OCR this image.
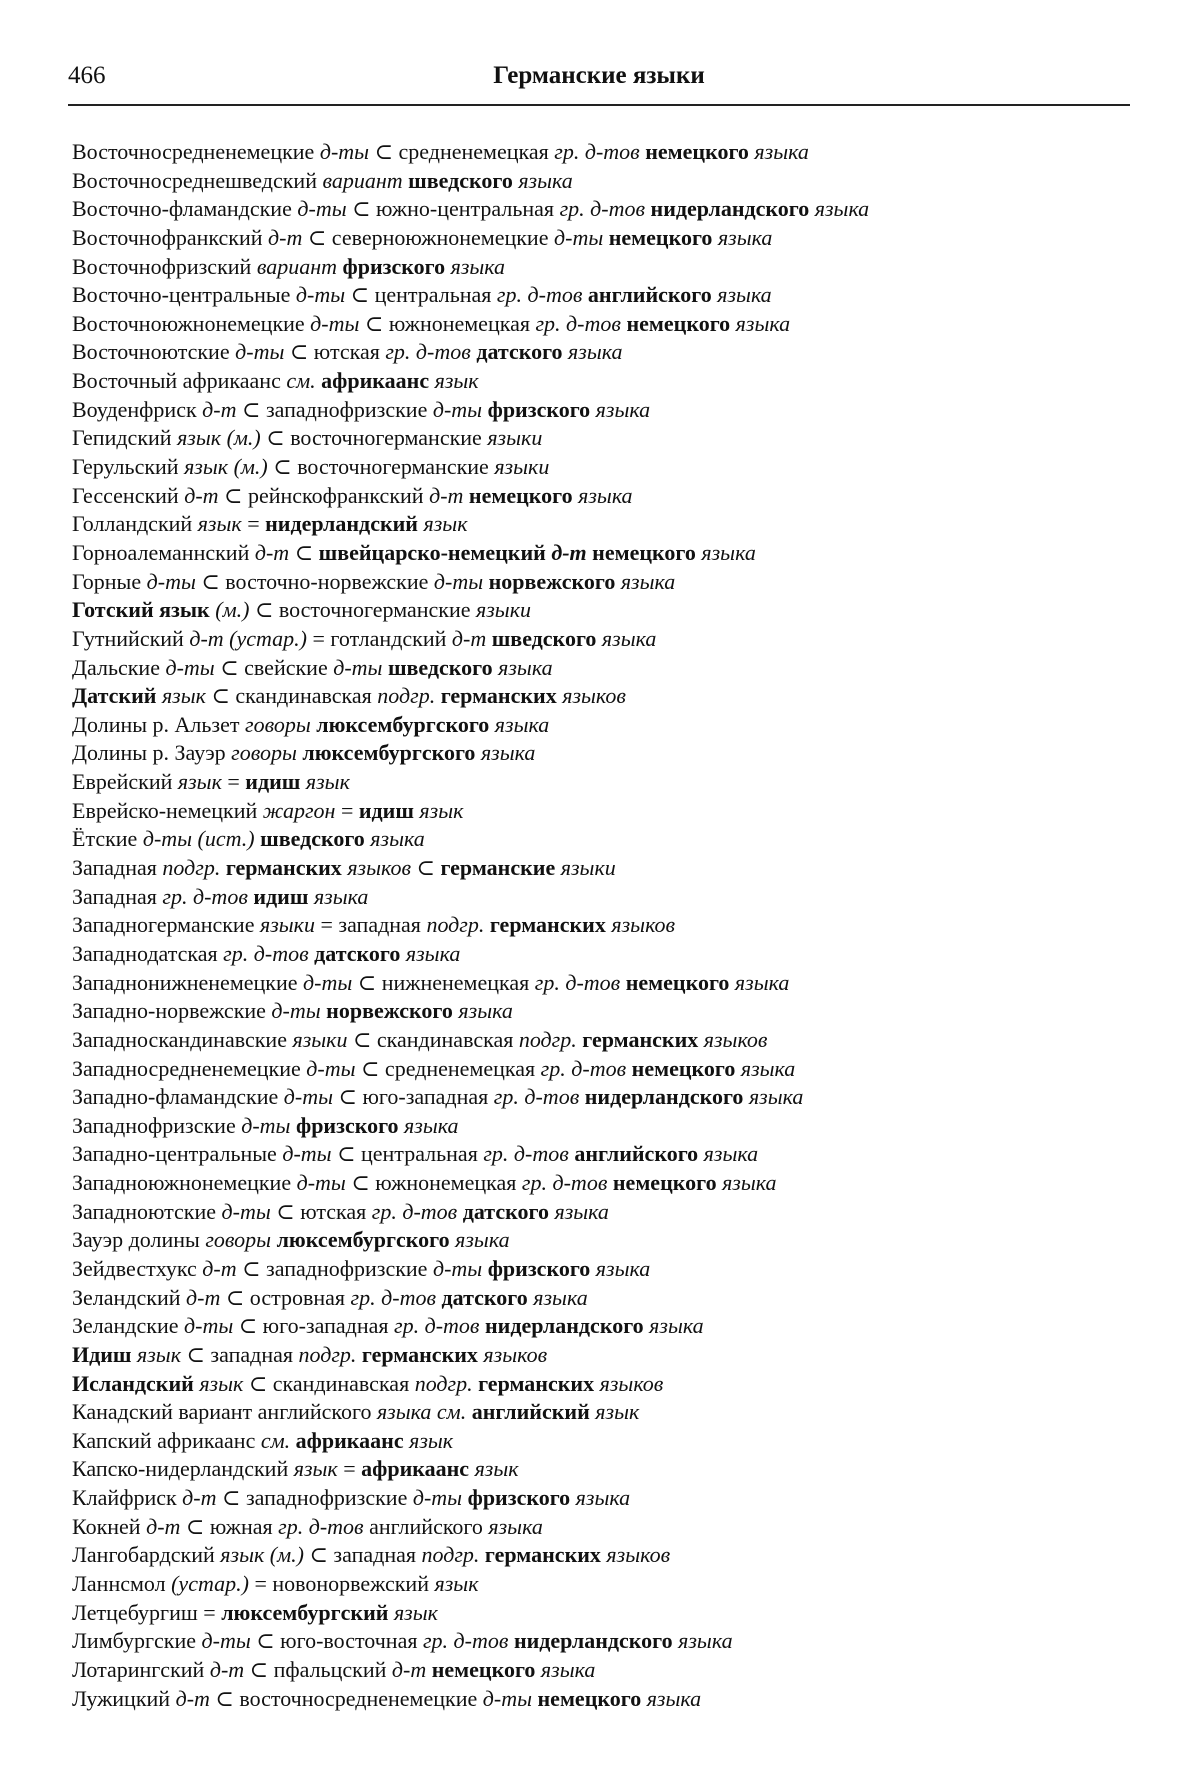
466	Германские языки
Восточносредненемецкие д-ты ⊂ средненемецкая гр. д-тов немецкого языка
Восточносреднешведский вариант шведского языка
Восточно-фламандские д-ты ⊂ южно-центральная гр. д-тов нидерландского языка
Восточнофранкский д-т ⊂ северноюжнонемецкие д-ты немецкого языка
Восточнофризский вариант фризского языка
Восточно-центральные д-ты ⊂ центральная гр. д-тов английского языка
Восточноюжнонемецкие д-ты ⊂ южнонемецкая гр. д-тов немецкого языка
Восточноютские д-ты ⊂ ютская гр. д-тов датского языка
Восточный африкаанс см. африкаанс язык
Воуденфриск д-т ⊂ западнофризские д-ты фризского языка
Гепидский язык (м.) ⊂ восточногерманские языки
Герульский язык (м.) ⊂ восточногерманские языки
Гессенский д-т ⊂ рейнскофранкский д-т немецкого языка
Голландский язык = нидерландский язык
Горноалеманнский д-т ⊂ швейцарско-немецкий д-т немецкого языка
Горные д-ты ⊂ восточно-норвежские д-ты норвежского языка
Готский язык (м.) ⊂ восточногерманские языки
Гутнийский д-т (устар.) = готландский д-т шведского языка
Дальские д-ты ⊂ свейские д-ты шведского языка
Датский язык ⊂ скандинавская подгр. германских языков
Долины р. Альзет говоры люксембургского языка
Долины р. Зауэр говоры люксембургского языка
Еврейский язык = идиш язык
Еврейско-немецкий жаргон = идиш язык
Ётские д-ты (ист.) шведского языка
Западная подгр. германских языков ⊂ германские языки
Западная гр. д-тов идиш языка
Западногерманские языки = западная подгр. германских языков
Западнодатская гр. д-тов датского языка
Западнонижненемецкие д-ты ⊂ нижненемецкая гр. д-тов немецкого языка
Западно-норвежские д-ты норвежского языка
Западноскандинавские языки ⊂ скандинавская подгр. германских языков
Западносредненемецкие д-ты ⊂ средненемецкая гр. д-тов немецкого языка
Западно-фламандские д-ты ⊂ юго-западная гр. д-тов нидерландского языка
Западнофризские д-ты фризского языка
Западно-центральные д-ты ⊂ центральная гр. д-тов английского языка
Западноюжнонемецкие д-ты ⊂ южнонемецкая гр. д-тов немецкого языка
Западноютские д-ты ⊂ ютская гр. д-тов датского языка
Зауэр долины говоры люксембургского языка
Зейдвестхукс д-т ⊂ западнофризские д-ты фризского языка
Зеландский д-т ⊂ островная гр. д-тов датского языка
Зеландские д-ты ⊂ юго-западная гр. д-тов нидерландского языка
Идиш язык ⊂ западная подгр. германских языков
Исландский язык ⊂ скандинавская подгр. германских языков
Канадский вариант английского языка см. английский язык
Капский африкаанс см. африкаанс язык
Капско-нидерландский язык = африкаанс язык
Клайфриск д-т ⊂ западнофризские д-ты фризского языка
Кокней д-т ⊂ южная гр. д-тов английского языка
Лангобардский язык (м.) ⊂ западная подгр. германских языков
Ланнсмол (устар.) = новонорвежский язык
Летцебургиш = люксембургский язык
Лимбургские д-ты ⊂ юго-восточная гр. д-тов нидерландского языка
Лотарингский д-т ⊂ пфальцский д-т немецкого языка
Лужицкий д-т ⊂ восточносредненемецкие д-ты немецкого языка
